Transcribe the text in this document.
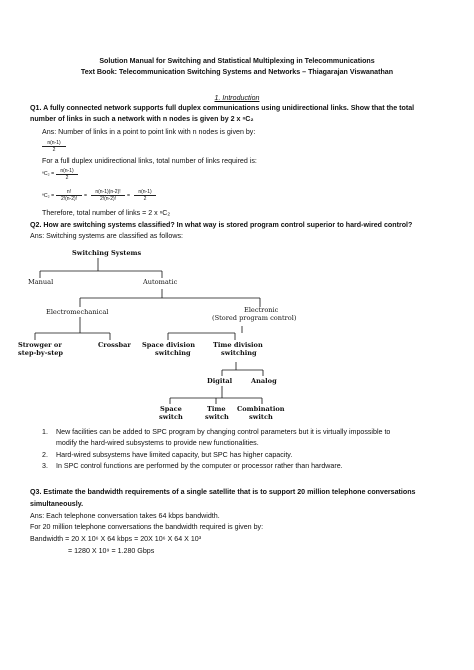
Solution Manual for Switching and Statistical Multiplexing in Telecommunications
Text Book: Telecommunication Switching Systems and Networks – Thiagarajan Viswanathan
1. Introduction
Q1. A fully connected network supports full duplex communications using unidirectional links. Show that the total
number of links in such a network with n nodes is given by 2 x ⁿC₂
Ans: Number of links in a point to point link with n nodes is given by:
$\frac{n(n-1)}{2}$
For a full duplex unidirectional links, total number of links required is:
$^nC_2 = \frac{n(n-1)}{2}$
$^nC_2 = \frac{n!}{2!(n-2)!} = \frac{n(n-1)(n-2)!}{2!(n-2)!} = \frac{n(n-1)}{2}$
Therefore, total number of links = 2 x ⁿC₂
Q2. How are switching systems classified? In what way is stored program control superior to hard-wired control?
Ans: Switching systems are classified as follows:
Switching Systems
Manual	Automatic
Electromechanical	Electronic
(Stored program control)
Strowger or
step-by-step
Crossbar Space division
switching
Time division
switching
Digital	Analog
Space
switch
Time
switch
Combination
switch
1. New facilities can be added to SPC program by changing control parameters but it is virtually impossible to
modify the hard-wired subsystems to provide new functionalities.
2. Hard-wired subsystems have limited capacity, but SPC has higher capacity.
3. In SPC control functions are performed by the computer or processor rather than hardware.
Q3. Estimate the bandwidth requirements of a single satellite that is to support 20 million telephone conversations
simultaneously.
Ans: Each telephone conversation takes 64 kbps bandwidth.
For 20 million telephone conversations the bandwidth required is given by:
Bandwidth = 20 X 10⁶ X 64 kbps = 20X 10⁶ X 64 X 10³
= 1280 X 10⁹ = 1.280 Gbps
